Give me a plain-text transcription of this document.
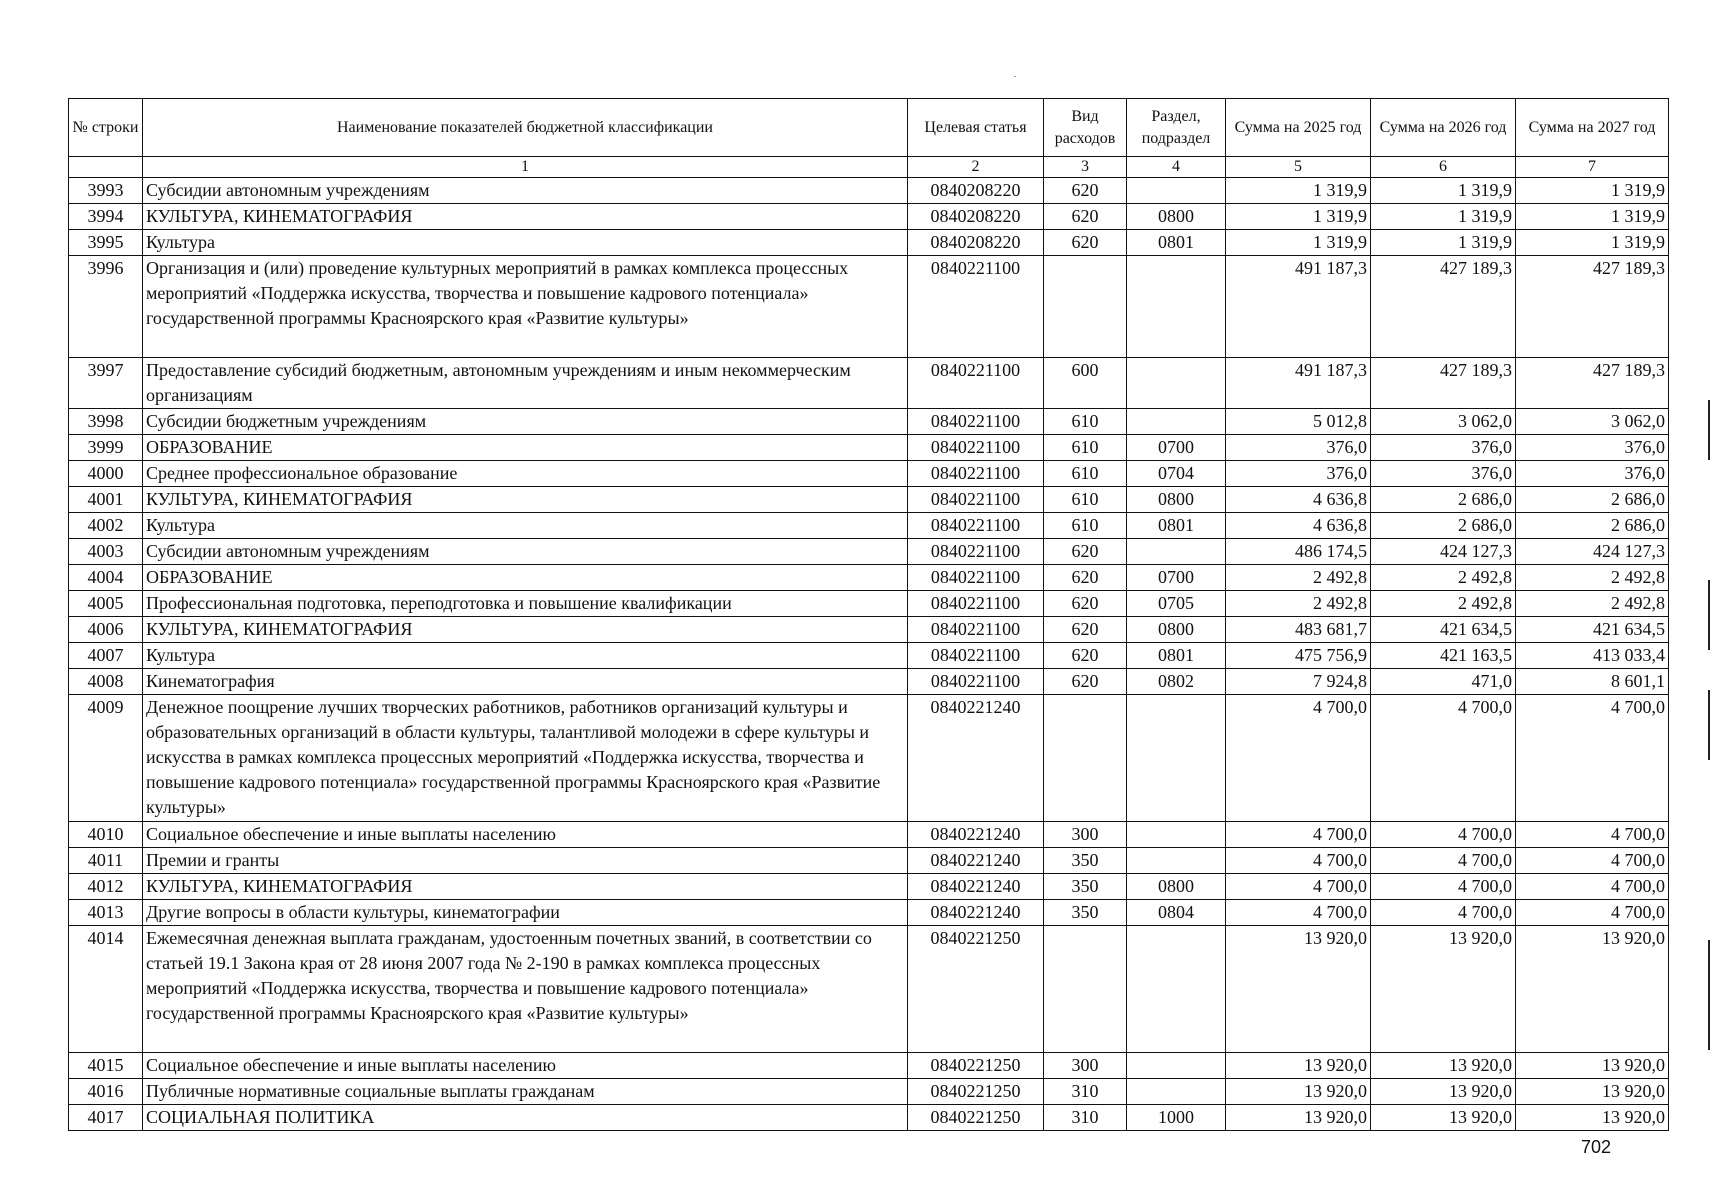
№ строки	Наименование показателей бюджетной классификации	Целевая статья	Вид расходов	Раздел, подраздел	Сумма на 2025 год	Сумма на 2026 год	Сумма на 2027 год
	1	2	3	4	5	6	7
3993	Субсидии автономным учреждениям	0840208220	620		1 319,9	1 319,9	1 319,9
3994	КУЛЬТУРА, КИНЕМАТОГРАФИЯ	0840208220	620	0800	1 319,9	1 319,9	1 319,9
3995	Культура	0840208220	620	0801	1 319,9	1 319,9	1 319,9
3996	Организация и (или) проведение культурных мероприятий в рамках комплекса процессных мероприятий «Поддержка искусства, творчества и повышение кадрового потенциала» государственной программы Красноярского края «Развитие культуры»	0840221100			491 187,3	427 189,3	427 189,3
3997	Предоставление субсидий бюджетным, автономным учреждениям и иным некоммерческим организациям	0840221100	600		491 187,3	427 189,3	427 189,3
3998	Субсидии бюджетным учреждениям	0840221100	610		5 012,8	3 062,0	3 062,0
3999	ОБРАЗОВАНИЕ	0840221100	610	0700	376,0	376,0	376,0
4000	Среднее профессиональное образование	0840221100	610	0704	376,0	376,0	376,0
4001	КУЛЬТУРА, КИНЕМАТОГРАФИЯ	0840221100	610	0800	4 636,8	2 686,0	2 686,0
4002	Культура	0840221100	610	0801	4 636,8	2 686,0	2 686,0
4003	Субсидии автономным учреждениям	0840221100	620		486 174,5	424 127,3	424 127,3
4004	ОБРАЗОВАНИЕ	0840221100	620	0700	2 492,8	2 492,8	2 492,8
4005	Профессиональная подготовка, переподготовка и повышение квалификации	0840221100	620	0705	2 492,8	2 492,8	2 492,8
4006	КУЛЬТУРА, КИНЕМАТОГРАФИЯ	0840221100	620	0800	483 681,7	421 634,5	421 634,5
4007	Культура	0840221100	620	0801	475 756,9	421 163,5	413 033,4
4008	Кинематография	0840221100	620	0802	7 924,8	471,0	8 601,1
4009	Денежное поощрение лучших творческих работников, работников организаций культуры и образовательных организаций в области культуры, талантливой молодежи в сфере культуры и искусства в рамках комплекса процессных мероприятий «Поддержка искусства, творчества и повышение кадрового потенциала» государственной программы Красноярского края «Развитие культуры»	0840221240			4 700,0	4 700,0	4 700,0
4010	Социальное обеспечение и иные выплаты населению	0840221240	300		4 700,0	4 700,0	4 700,0
4011	Премии и гранты	0840221240	350		4 700,0	4 700,0	4 700,0
4012	КУЛЬТУРА, КИНЕМАТОГРАФИЯ	0840221240	350	0800	4 700,0	4 700,0	4 700,0
4013	Другие вопросы в области культуры, кинематографии	0840221240	350	0804	4 700,0	4 700,0	4 700,0
4014	Ежемесячная денежная выплата гражданам, удостоенным почетных званий, в соответствии со статьей 19.1 Закона края от 28 июня 2007 года № 2-190 в рамках комплекса процессных мероприятий «Поддержка искусства, творчества и повышение кадрового потенциала» государственной программы Красноярского края «Развитие культуры»	0840221250			13 920,0	13 920,0	13 920,0
4015	Социальное обеспечение и иные выплаты населению	0840221250	300		13 920,0	13 920,0	13 920,0
4016	Публичные нормативные социальные выплаты гражданам	0840221250	310		13 920,0	13 920,0	13 920,0
4017	СОЦИАЛЬНАЯ ПОЛИТИКА	0840221250	310	1000	13 920,0	13 920,0	13 920,0
702
